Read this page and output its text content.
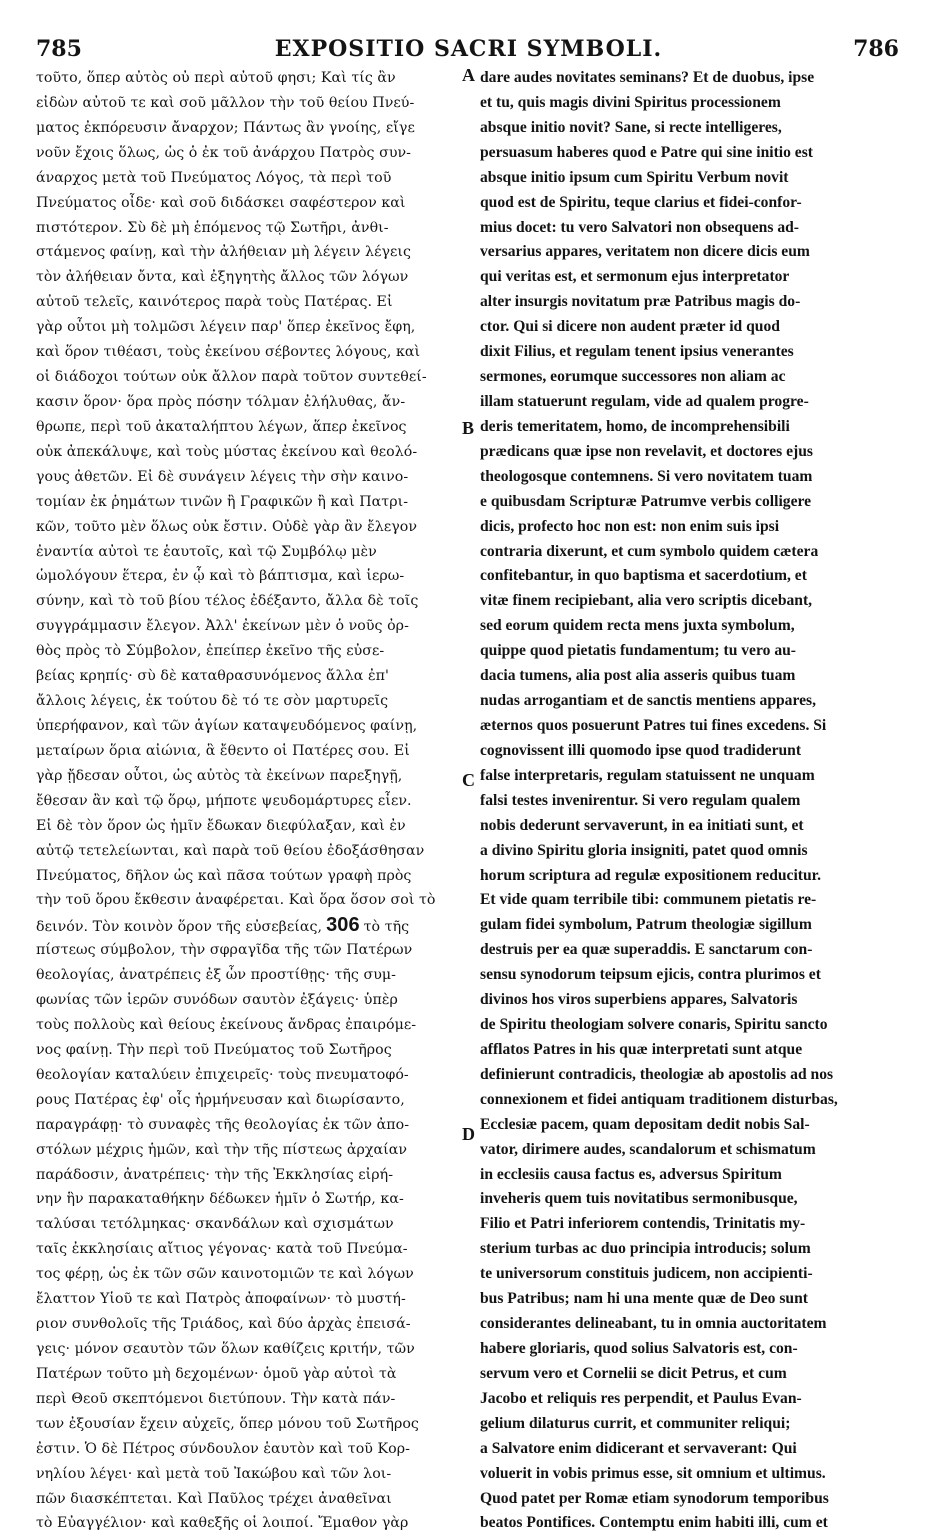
785	EXPOSITIO SACRI SYMBOLI.	786
τοῦτο, ὅπερ αὐτὸς οὐ περὶ αὐτοῦ φησι; Καὶ τίς ἂν
εἰδὼν αὐτοῦ τε καὶ σοῦ μᾶλλον τὴν τοῦ θείου Πνεύ-
ματος ἐκπόρευσιν ἄναρχον; Πάντως ἂν γνοίης, εἴγε
νοῦν ἔχοις ὅλως, ὡς ὁ ἐκ τοῦ ἀνάρχου Πατρὸς συν-
άναρχος μετὰ τοῦ Πνεύματος Λόγος, τὰ περὶ τοῦ
Πνεύματος οἶδε· καὶ σοῦ διδάσκει σαφέστερον καὶ
πιστότερον. Σὺ δὲ μὴ ἑπόμενος τῷ Σωτῆρι, ἀνθι-
στάμενος φαίνῃ, καὶ τὴν ἀλήθειαν μὴ λέγειν λέγεις
τὸν ἀλήθειαν ὄντα, καὶ ἐξηγητὴς ἄλλος τῶν λόγων
αὐτοῦ τελεῖς, καινότερος παρὰ τοὺς Πατέρας. Εἰ
γὰρ οὗτοι μὴ τολμῶσι λέγειν παρ' ὅπερ ἐκεῖνος ἔφη,
καὶ ὅρον τιθέασι, τοὺς ἐκείνου σέβοντες λόγους, καὶ
οἱ διάδοχοι τούτων οὐκ ἄλλον παρὰ τοῦτον συντεθεί-
κασιν ὅρον· ὅρα πρὸς πόσην τόλμαν ἐλήλυθας, ἄν-
θρωπε, περὶ τοῦ ἀκαταλήπτου λέγων, ἅπερ ἐκεῖνος
οὐκ ἀπεκάλυψε, καὶ τοὺς μύστας ἐκείνου καὶ θεολό-
γους ἀθετῶν. Εἰ δὲ συνάγειν λέγεις τὴν σὴν καινο-
τομίαν ἐκ ῥημάτων τινῶν ἢ Γραφικῶν ἢ καὶ Πατρι-
κῶν, τοῦτο μὲν ὅλως οὐκ ἔστιν. Οὐδὲ γὰρ ἂν ἔλεγον
ἐναντία αὐτοὶ τε ἑαυτοῖς, καὶ τῷ Συμβόλῳ μὲν
ὡμολόγουν ἕτερα, ἐν ᾧ καὶ τὸ βάπτισμα, καὶ ἱερω-
σύνην, καὶ τὸ τοῦ βίου τέλος ἐδέξαντο, ἄλλα δὲ τοῖς
συγγράμμασιν ἔλεγον. Ἀλλ' ἐκείνων μὲν ὁ νοῦς ὀρ-
θὸς πρὸς τὸ Σύμβολον, ἐπείπερ ἐκεῖνο τῆς εὐσε-
βείας κρηπίς· σὺ δὲ καταθρασυνόμενος ἄλλα ἐπ'
ἄλλοις λέγεις, ἐκ τούτου δὲ τό τε σὸν μαρτυρεῖς
ὑπερήφανον, καὶ τῶν ἁγίων καταψευδόμενος φαίνῃ,
μεταίρων ὅρια αἰώνια, ἃ ἔθεντο οἱ Πατέρες σου. Εἰ
γὰρ ᾔδεσαν οὗτοι, ὡς αὐτὸς τὰ ἐκείνων παρεξηγῇ,
ἔθεσαν ἂν καὶ τῷ ὅρῳ, μήποτε ψευδομάρτυρες εἶεν.
Εἰ δὲ τὸν ὅρον ὡς ἡμῖν ἔδωκαν διεφύλαξαν, καὶ ἐν
αὐτῷ τετελείωνται, καὶ παρὰ τοῦ θείου ἐδοξάσθησαν
Πνεύματος, δῆλον ὡς καὶ πᾶσα τούτων γραφὴ πρὸς
τὴν τοῦ ὅρου ἔκθεσιν ἀναφέρεται. Καὶ ὅρα ὅσον σοὶ τὸ
δεινόν. Τὸν κοινὸν ὅρον τῆς εὐσεβείας, 306 τὸ τῆς
πίστεως σύμβολον, τὴν σφραγῖδα τῆς τῶν Πατέρων
θεολογίας, ἀνατρέπεις ἐξ ὧν προστίθῃς· τῆς συμ-
φωνίας τῶν ἱερῶν συνόδων σαυτὸν ἐξάγεις· ὑπὲρ
τοὺς πολλοὺς καὶ θείους ἐκείνους ἄνδρας ἐπαιρόμε-
νος φαίνῃ. Τὴν περὶ τοῦ Πνεύματος τοῦ Σωτῆρος
θεολογίαν καταλύειν ἐπιχειρεῖς· τοὺς πνευματοφό-
ρους Πατέρας ἐφ' οἷς ἡρμήνευσαν καὶ διωρίσαντο,
παραγράφῃ· τὸ συναφὲς τῆς θεολογίας ἐκ τῶν ἀπο-
στόλων μέχρις ἡμῶν, καὶ τὴν τῆς πίστεως ἀρχαίαν
παράδοσιν, ἀνατρέπεις· τὴν τῆς Ἐκκλησίας εἰρή-
νην ἣν παρακαταθήκην δέδωκεν ἡμῖν ὁ Σωτήρ, κα-
ταλύσαι τετόλμηκας· σκανδάλων καὶ σχισμάτων
ταῖς ἐκκλησίαις αἴτιος γέγονας· κατὰ τοῦ Πνεύμα-
τος φέρῃ, ὡς ἐκ τῶν σῶν καινοτομιῶν τε καὶ λόγων
ἔλαττον Υἱοῦ τε καὶ Πατρὸς ἀποφαίνων· τὸ μυστή-
ριον συνθολοῖς τῆς Τριάδος, καὶ δύο ἀρχὰς ἐπεισά-
γεις· μόνον σεαυτὸν τῶν ὅλων καθίζεις κριτήν, τῶν
Πατέρων τοῦτο μὴ δεχομένων· ὁμοῦ γὰρ αὐτοὶ τὰ
περὶ Θεοῦ σκεπτόμενοι διετύπουν. Τὴν κατὰ πάν-
των ἐξουσίαν ἔχειν αὐχεῖς, ὅπερ μόνου τοῦ Σωτῆρος
ἐστιν. Ὁ δὲ Πέτρος σύνδουλον ἑαυτὸν καὶ τοῦ Κορ-
νηλίου λέγει· καὶ μετὰ τοῦ Ἰακώβου καὶ τῶν λοι-
πῶν διασκέπτεται. Καὶ Παῦλος τρέχει ἀναθεῖναι
τὸ Εὐαγγέλιον· καὶ καθεξῆς οἱ λοιποί. Ἔμαθον γὰρ
dare audes novitates seminans? Et de duobus, ipse
et tu, quis magis divini Spiritus processionem
absque initio novit? Sane, si recte intelligeres,
persuasum haberes quod e Patre qui sine initio est
absque initio ipsum cum Spiritu Verbum novit
quod est de Spiritu, teque clarius et fidei-confor-
mius docet: tu vero Salvatori non obsequens ad-
versarius appares, veritatem non dicere dicis eum
qui veritas est, et sermonum ejus interpretator
alter insurgis novitatum præ Patribus magis do-
ctor. Qui si dicere non audent præter id quod
dixit Filius, et regulam tenent ipsius venerantes
sermones, eorumque successores non aliam ac
illam statuerunt regulam, vide ad qualem progre-
deris temeritatem, homo, de incomprehensibili
prædicans quæ ipse non revelavit, et doctores ejus
theologosque contemnens. Si vero novitatem tuam
e quibusdam Scripturæ Patrumve verbis colligere
dicis, profecto hoc non est: non enim suis ipsi
contraria dixerunt, et cum symbolo quidem cætera
confitebantur, in quo baptisma et sacerdotium, et
vitæ finem recipiebant, alia vero scriptis dicebant,
sed eorum quidem recta mens juxta symbolum,
quippe quod pietatis fundamentum; tu vero au-
dacia tumens, alia post alia asseris quibus tuam
nudas arrogantiam et de sanctis mentiens appares,
æternos quos posuerunt Patres tui fines excedens. Si
cognovissent illi quomodo ipse quod tradiderunt
false interpretaris, regulam statuissent ne unquam
falsi testes invenirentur. Si vero regulam qualem
nobis dederunt servaverunt, in ea initiati sunt, et
a divino Spiritu gloria insigniti, patet quod omnis
horum scriptura ad regulæ expositionem reducitur.
Et vide quam terribile tibi: communem pietatis re-
gulam fidei symbolum, Patrum theologiæ sigillum
destruis per ea quæ superaddis. E sanctarum con-
sensu synodorum teipsum ejicis, contra plurimos et
divinos hos viros superbiens appares, Salvatoris
de Spiritu theologiam solvere conaris, Spiritu sancto
afflatos Patres in his quæ interpretati sunt atque
definierunt contradicis, theologiæ ab apostolis ad nos
connexionem et fidei antiquam traditionem disturbas,
Ecclesiæ pacem, quam depositam dedit nobis Sal-
vator, dirimere audes, scandalorum et schismatum
in ecclesiis causa factus es, adversus Spiritum
inveheris quem tuis novitatibus sermonibusque,
Filio et Patri inferiorem contendis, Trinitatis my-
sterium turbas ac duo principia introducis; solum
te universorum constituis judicem, non accipienti-
bus Patribus; nam hi una mente quæ de Deo sunt
considerantes delineabant, tu in omnia auctoritatem
habere gloriaris, quod solius Salvatoris est, con-
servum vero et Cornelii se dicit Petrus, et cum
Jacobo et reliquis res perpendit, et Paulus Evan-
gelium dilaturus currit, et communiter reliqui;
a Salvatore enim didicerant et servaverant: Qui
voluerit in vobis primus esse, sit omnium et ultimus.
Quod patet per Romæ etiam synodorum temporibus
beatos Pontifices. Contemptu enim habiti illi, cum et
A
B
C
D
